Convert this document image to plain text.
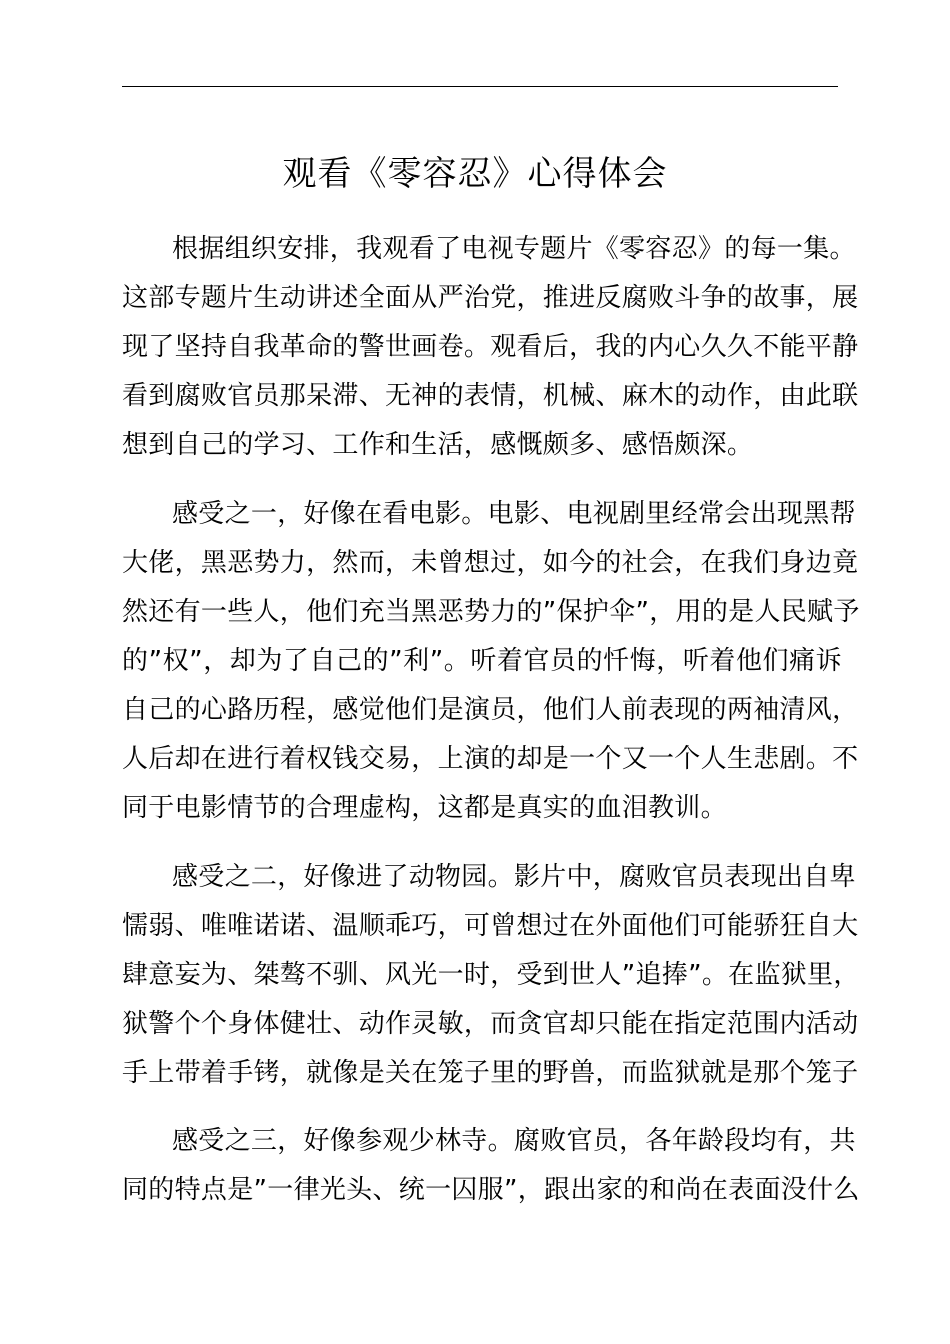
观看《零容忍》心得体会
根据组织安排，我观看了电视专题片《零容忍》的每一集。
这部专题片生动讲述全面从严治党，推进反腐败斗争的故事，展
现了坚持自我革命的警世画卷。观看后，我的内心久久不能平静
看到腐败官员那呆滞、无神的表情，机械、麻木的动作，由此联
想到自己的学习、工作和生活，感慨颇多、感悟颇深。
感受之一，好像在看电影。电影、电视剧里经常会出现黑帮
大佬，黑恶势力，然而，未曾想过，如今的社会，在我们身边竟
然还有一些人，他们充当黑恶势力的”保护伞”，用的是人民赋予
的”权”，却为了自己的”利”。听着官员的忏悔，听着他们痛诉
自己的心路历程，感觉他们是演员，他们人前表现的两袖清风，
人后却在进行着权钱交易，上演的却是一个又一个人生悲剧。不
同于电影情节的合理虚构，这都是真实的血泪教训。
感受之二，好像进了动物园。影片中，腐败官员表现出自卑
懦弱、唯唯诺诺、温顺乖巧，可曾想过在外面他们可能骄狂自大
肆意妄为、桀骜不驯、风光一时，受到世人”追捧”。在监狱里，
狱警个个身体健壮、动作灵敏，而贪官却只能在指定范围内活动
手上带着手铐，就像是关在笼子里的野兽，而监狱就是那个笼子
感受之三，好像参观少林寺。腐败官员，各年龄段均有，共
同的特点是”一律光头、统一囚服”，跟出家的和尚在表面没什么
